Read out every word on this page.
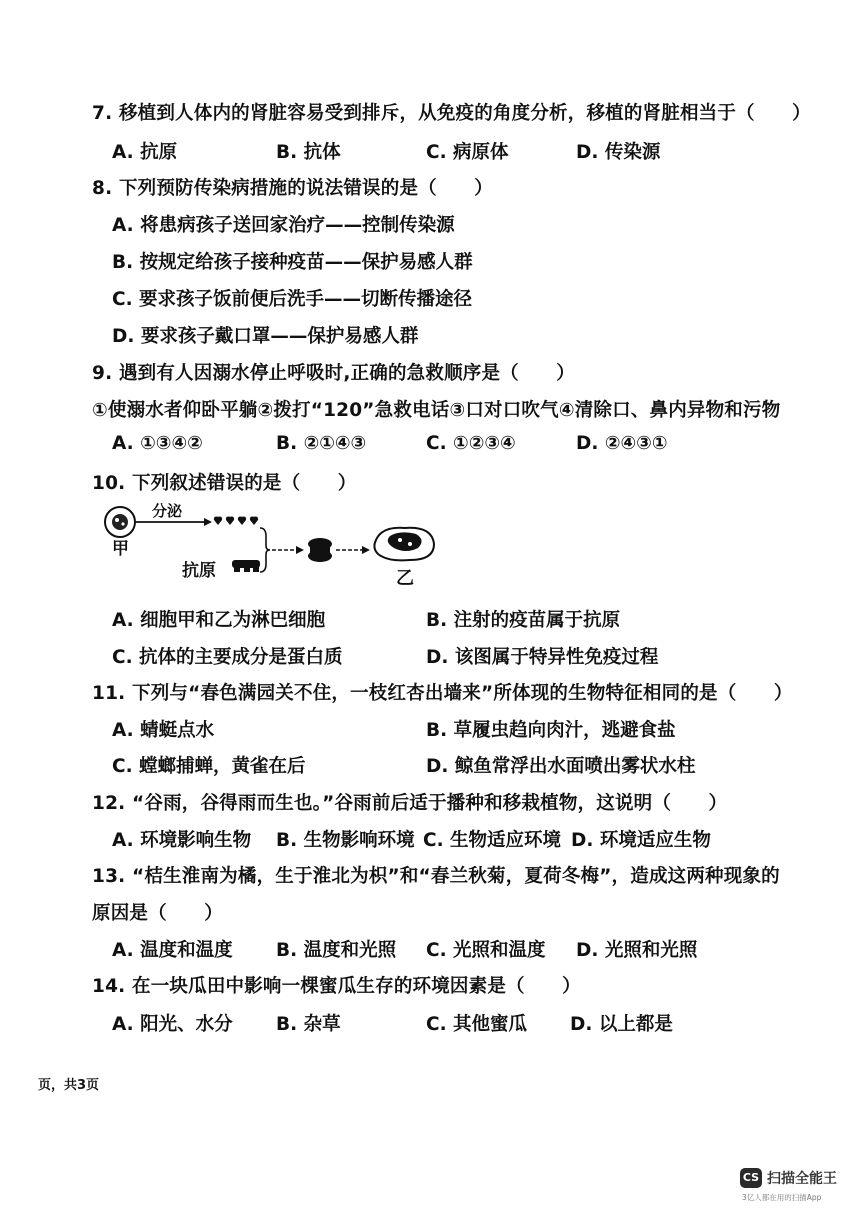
7. 移植到人体内的肾脏容易受到排斥，从免疫的角度分析，移植的肾脏相当于（　　）
A. 抗原	B. 抗体	C. 病原体	D. 传染源
8. 下列预防传染病措施的说法错误的是（　　）
A. 将患病孩子送回家治疗——控制传染源
B. 按规定给孩子接种疫苗——保护易感人群
C. 要求孩子饭前便后洗手——切断传播途径
D. 要求孩子戴口罩——保护易感人群
9. 遇到有人因溺水停止呼吸时,正确的急救顺序是（　　）
①使溺水者仰卧平躺②拨打“120”急救电话③口对口吹气④清除口、鼻内异物和污物
A. ①③④②	B. ②①④③	C. ①②③④	D. ②④③①
10. 下列叙述错误的是（　　）
甲
分泌
抗原	乙
A. 细胞甲和乙为淋巴细胞	B. 注射的疫苗属于抗原
C. 抗体的主要成分是蛋白质	D. 该图属于特异性免疫过程
11. 下列与“春色满园关不住，一枝红杏出墙来”所体现的生物特征相同的是（　　）
A. 蜻蜓点水	B. 草履虫趋向肉汁，逃避食盐
C. 螳螂捕蝉，黄雀在后	D. 鲸鱼常浮出水面喷出雾状水柱
12. “谷雨，谷得雨而生也。”谷雨前后适于播种和移栽植物，这说明（　　）
A. 环境影响生物 B. 生物影响环境 C. 生物适应环境 D. 环境适应生物
13. “桔生淮南为橘，生于淮北为枳”和“春兰秋菊，夏荷冬梅”，造成这两种现象的
原因是（　　）
A. 温度和温度 B. 温度和光照 C. 光照和温度 D. 光照和光照
14. 在一块瓜田中影响一棵蜜瓜生存的环境因素是（　　）
A. 阳光、水分 B. 杂草	C. 其他蜜瓜 D. 以上都是
页，共3页
CS 扫描全能王
3亿人都在用的扫描App
